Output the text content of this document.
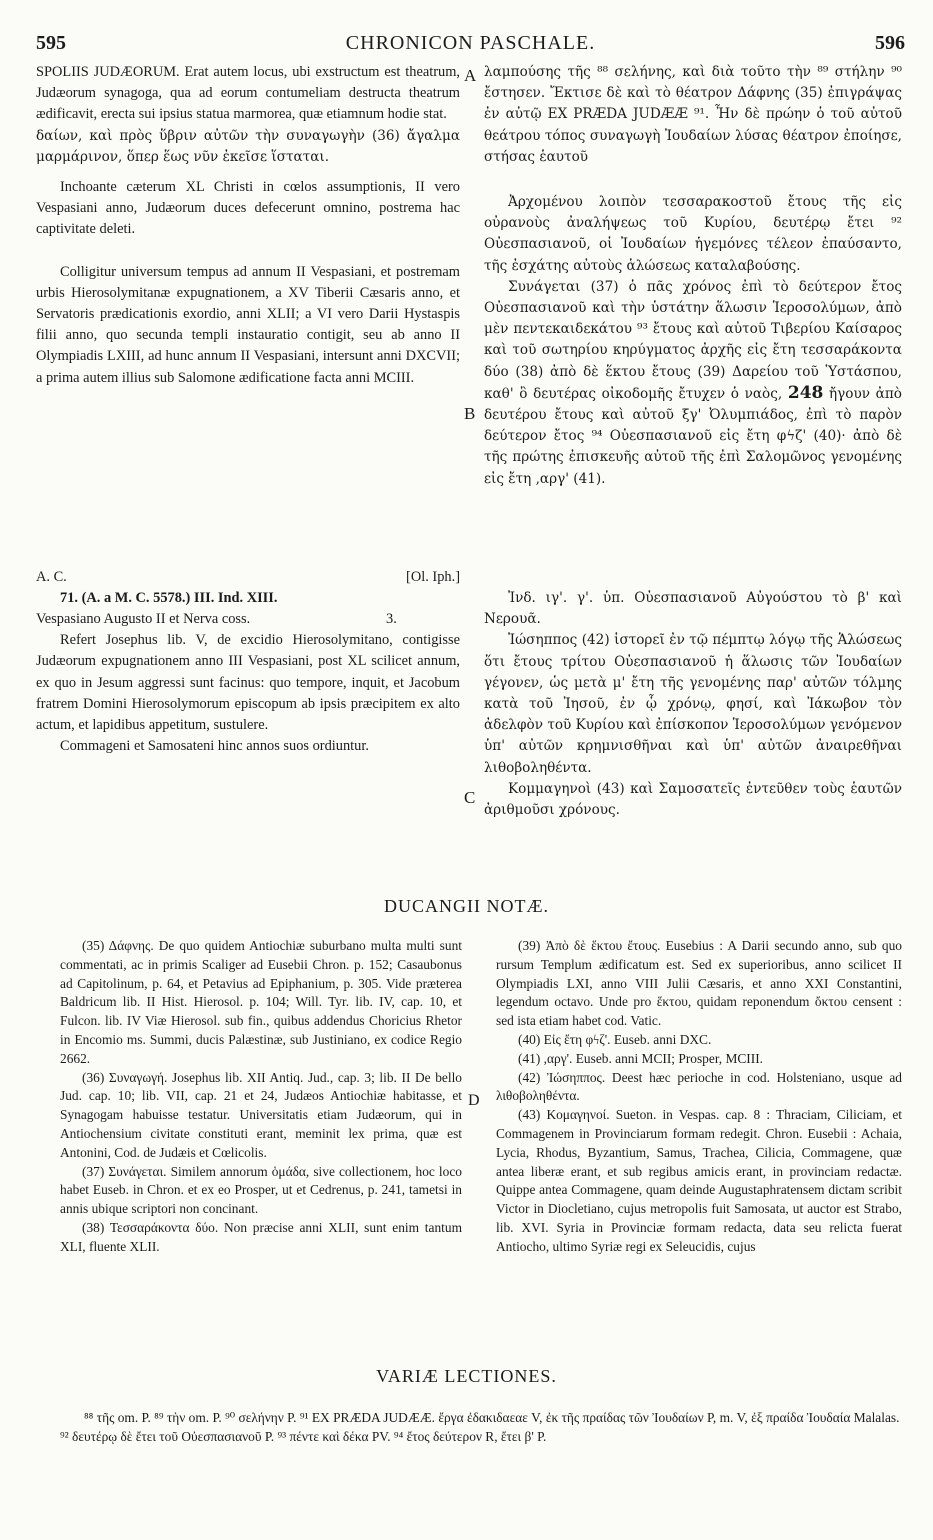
595	CHRONICON PASCHALE.	596
A
B
C

SPOLIIS JUDÆORUM. Erat autem locus, ubi exstructum est theatrum, Judæorum synagoga, qua ad eorum contumeliam destructa theatrum ædificavit, erecta sui ipsius statua marmorea, quæ etiamnum hodie stat.

δαίων, καὶ πρὸς ὕβριν αὐτῶν τὴν συναγωγὴν (36) ἄγαλμα μαρμάρινον, ὅπερ ἕως νῦν ἐκεῖσε ἵσταται.

Inchoante cæterum XL Christi in cœlos assumptionis, II vero Vespasiani anno, Judæorum duces defecerunt omnino, postrema hac captivitate deleti.

Colligitur universum tempus ad annum II Vespasiani, et postremam urbis Hierosolymitanæ expugnationem, a XV Tiberii Cæsaris anno, et Servatoris prædicationis exordio, anni XLII; a VI vero Darii Hystaspis filii anno, quo secunda templi instauratio contigit, seu ab anno II Olympiadis LXIII, ad hunc annum II Vespasiani, intersunt anni DXCVII; a prima autem illius sub Salomone ædificatione facta anni MCIII.

A. C.	[Ol. Iph.]

71. (A. a M. C. 5578.) III. Ind. XIII.

Vespasiano Augusto II et Nerva coss.	3.

Refert Josephus lib. V, de excidio Hierosolymitano, contigisse Judæorum expugnationem anno III Vespasiani, post XL scilicet annum, ex quo in Jesum aggressi sunt facinus: quo tempore, inquit, et Jacobum fratrem Domini Hierosolymorum episcopum ab ipsis præcipitem ex alto actum, et lapidibus appetitum, sustulere.

Commageni et Samosateni hinc annos suos ordiuntur.

λαμπούσης τῆς ⁸⁸ σελήνης, καὶ διὰ τοῦτο τὴν ⁸⁹ στήλην ⁹⁰ ἔστησεν. Ἔκτισε δὲ καὶ τὸ θέατρον Δάφνης (35) ἐπιγράψας ἐν αὐτῷ EX PRÆDA JUDÆÆ ⁹¹. Ἦν δὲ πρώην ὁ τοῦ αὐτοῦ θεάτρου τόπος συναγωγὴ Ἰουδαίων λύσας θέατρον ἐποίησε, στήσας ἑαυτοῦ

Ἀρχομένου λοιπὸν τεσσαρακοστοῦ ἔτους τῆς εἰς οὐρανοὺς ἀναλήψεως τοῦ Κυρίου, δευτέρῳ ἔτει ⁹² Οὐεσπασιανοῦ, οἱ Ἰουδαίων ἡγεμόνες τέλεον ἐπαύσαντο, τῆς ἐσχάτης αὐτοὺς ἁλώσεως καταλαβούσης.

Συνάγεται (37) ὁ πᾶς χρόνος ἐπὶ τὸ δεύτερον ἔτος Οὐεσπασιανοῦ καὶ τὴν ὑστάτην ἅλωσιν Ἱεροσολύμων, ἀπὸ μὲν πεντεκαιδεκάτου ⁹³ ἔτους καὶ αὐτοῦ Τιβερίου Καίσαρος καὶ τοῦ σωτηρίου κηρύγματος ἀρχῆς εἰς ἔτη τεσσαράκοντα δύο (38) ἀπὸ δὲ ἕκτου ἔτους (39) Δαρείου τοῦ Ὑστάσπου, καθ' ὃ δευτέρας οἰκοδομῆς ἔτυχεν ὁ ναὸς, 248 ἤγουν ἀπὸ δευτέρου ἔτους καὶ αὐτοῦ ξγ' Ὀλυμπιάδος, ἐπὶ τὸ παρὸν δεύτερον ἔτος ⁹⁴ Οὐεσπασιανοῦ εἰς ἔτη φϟζ' (40)· ἀπὸ δὲ τῆς πρώτης ἐπισκευῆς αὐτοῦ τῆς ἐπὶ Σαλομῶνος γενομένης εἰς ἔτη ,αργ' (41).

Ἰνδ. ιγ'. γ'. ὑπ. Οὐεσπασιανοῦ Αὐγούστου τὸ β' καὶ Νερουᾶ.

Ἰώσηππος (42) ἱστορεῖ ἐν τῷ πέμπτῳ λόγῳ τῆς Ἁλώσεως ὅτι ἔτους τρίτου Οὐεσπασιανοῦ ἡ ἅλωσις τῶν Ἰουδαίων γέγονεν, ὡς μετὰ μ' ἔτη τῆς γενομένης παρ' αὐτῶν τόλμης κατὰ τοῦ Ἰησοῦ, ἐν ᾧ χρόνῳ, φησί, καὶ Ἰάκωβον τὸν ἀδελφὸν τοῦ Κυρίου καὶ ἐπίσκοπον Ἱεροσολύμων γενόμενον ὑπ' αὐτῶν κρημνισθῆναι καὶ ὑπ' αὐτῶν ἀναιρεθῆναι λιθοβοληθέντα.

Κομμαγηνοὶ (43) καὶ Σαμοσατεῖς ἐντεῦθεν τοὺς ἑαυτῶν ἀριθμοῦσι χρόνους.

DUCANGII NOTÆ.
D

(35) Δάφνης. De quo quidem Antiochiæ suburbano multa multi sunt commentati, ac in primis Scaliger ad Eusebii Chron. p. 152; Casaubonus ad Capitolinum, p. 64, et Petavius ad Epiphanium, p. 305. Vide præterea Baldricum lib. II Hist. Hierosol. p. 104; Will. Tyr. lib. IV, cap. 10, et Fulcon. lib. IV Viæ Hierosol. sub fin., quibus addendus Choricius Rhetor in Encomio ms. Summi, ducis Palæstinæ, sub Justiniano, ex codice Regio 2662.

(36) Συναγωγή. Josephus lib. XII Antiq. Jud., cap. 3; lib. II De bello Jud. cap. 10; lib. VII, cap. 21 et 24, Judæos Antiochiæ habitasse, et Synagogam habuisse testatur. Universitatis etiam Judæorum, qui in Antiochensium civitate constituti erant, meminit lex prima, quæ est Antonini, Cod. de Judæis et Cœlicolis.

(37) Συνάγεται. Similem annorum ὁμάδα, sive collectionem, hoc loco habet Euseb. in Chron. et ex eo Prosper, ut et Cedrenus, p. 241, tametsi in annis ubique scriptori non concinant.

(38) Τεσσαράκοντα δύο. Non præcise anni XLII, sunt enim tantum XLI, fluente XLII.

(39) Ἀπὸ δὲ ἕκτου ἔτους. Eusebius : A Darii secundo anno, sub quo rursum Templum ædificatum est. Sed ex superioribus, anno scilicet II Olympiadis LXI, anno VIII Julii Cæsaris, et anno XXI Constantini, legendum octavo. Unde pro ἕκτου, quidam reponendum ὄκτου censent : sed ista etiam habet cod. Vatic.

(40) Εἰς ἔτη φϟζ'. Euseb. anni DXC.

(41) ,αργ'. Euseb. anni MCII; Prosper, MCIII.

(42) Ἰώσηππος. Deest hæc perioche in cod. Holsteniano, usque ad λιθοβοληθέντα.

(43) Κομαγηνοί. Sueton. in Vespas. cap. 8 : Thraciam, Ciliciam, et Commagenem in Provinciarum formam redegit. Chron. Eusebii : Achaia, Lycia, Rhodus, Byzantium, Samus, Trachea, Cilicia, Commagene, quæ antea liberæ erant, et sub regibus amicis erant, in provinciam redactæ. Quippe antea Commagene, quam deinde Augustaphratensem dictam scribit Victor in Diocletiano, cujus metropolis fuit Samosata, ut auctor est Strabo, lib. XVI. Syria in Provinciæ formam redacta, data seu relicta fuerat Antiocho, ultimo Syriæ regi ex Seleucidis, cujus

VARIÆ LECTIONES.

⁸⁸ τῆς om. P. ⁸⁹ τὴν om. P. ⁹⁰ σελήνην P. ⁹¹ EX PRÆDA JUDÆÆ. ἔργα ἐδακιδαεαε V, ἐκ τῆς πραίδας τῶν Ἰουδαίων P, m. V, ἐξ πραίδα Ἰουδαία Malalas. ⁹² δευτέρῳ δὲ ἔτει τοῦ Οὐεσπασιανοῦ P. ⁹³ πέντε καὶ δέκα PV. ⁹⁴ ἔτος δεύτερον R, ἔτει β' P.
